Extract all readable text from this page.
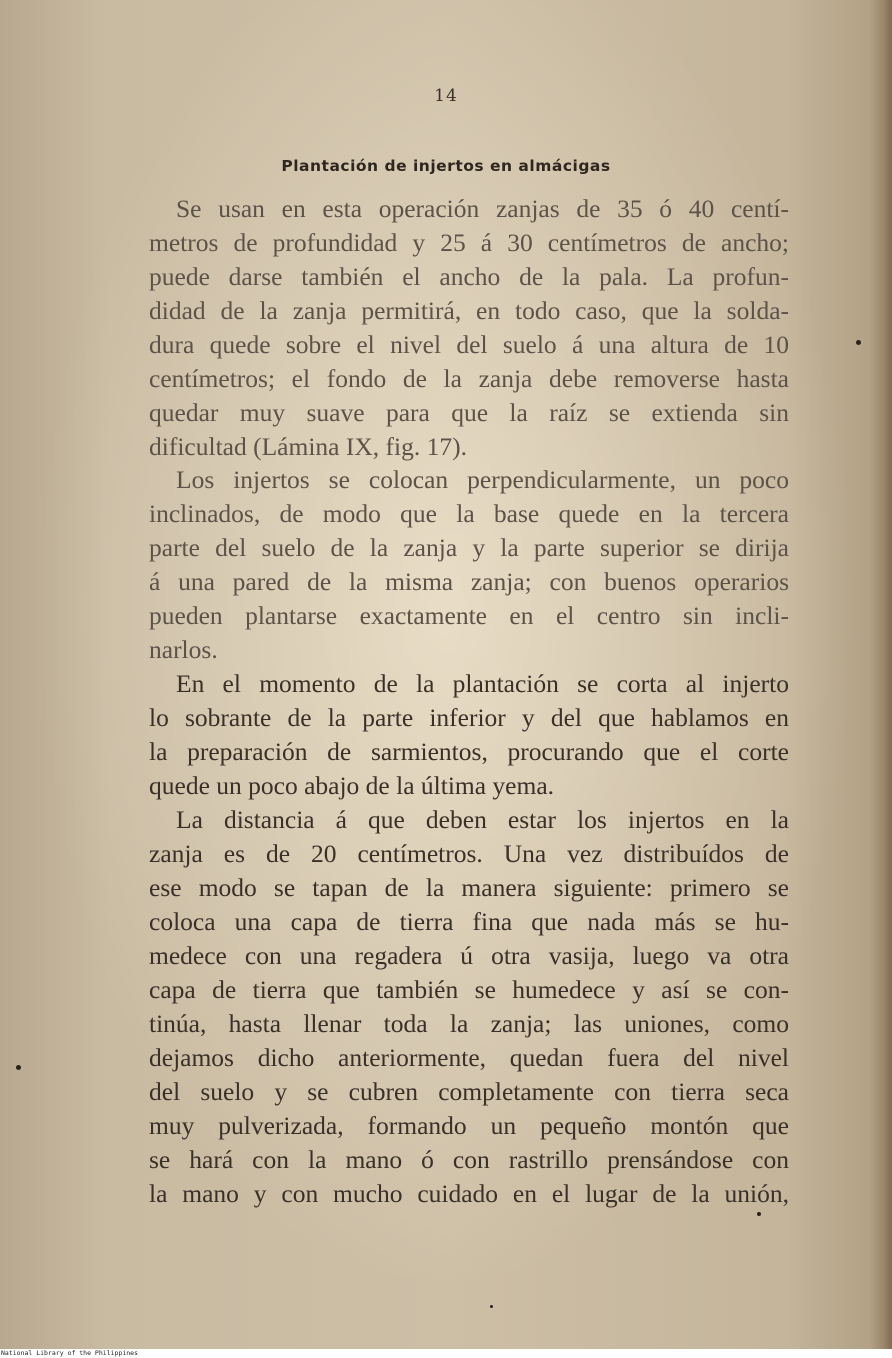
14
Plantación de injertos en almácigas
Se usan en esta operación zanjas de 35 ó 40 centí-
metros de profundidad y 25 á 30 centímetros de ancho;
puede darse también el ancho de la pala. La profun-
didad de la zanja permitirá, en todo caso, que la solda-
dura quede sobre el nivel del suelo á una altura de 10
centímetros; el fondo de la zanja debe removerse hasta
quedar muy suave para que la raíz se extienda sin
dificultad (Lámina IX, fig. 17).
Los injertos se colocan perpendicularmente, un poco
inclinados, de modo que la base quede en la tercera
parte del suelo de la zanja y la parte superior se dirija
á una pared de la misma zanja; con buenos operarios
pueden plantarse exactamente en el centro sin incli-
narlos.
En el momento de la plantación se corta al injerto
lo sobrante de la parte inferior y del que hablamos en
la preparación de sarmientos, procurando que el corte
quede un poco abajo de la última yema.
La distancia á que deben estar los injertos en la
zanja es de 20 centímetros. Una vez distribuídos de
ese modo se tapan de la manera siguiente: primero se
coloca una capa de tierra fina que nada más se hu-
medece con una regadera ú otra vasija, luego va otra
capa de tierra que también se humedece y así se con-
tinúa, hasta llenar toda la zanja; las uniones, como
dejamos dicho anteriormente, quedan fuera del nivel
del suelo y se cubren completamente con tierra seca
muy pulverizada, formando un pequeño montón que
se hará con la mano ó con rastrillo prensándose con
la mano y con mucho cuidado en el lugar de la unión,
National Library of the Philippines
